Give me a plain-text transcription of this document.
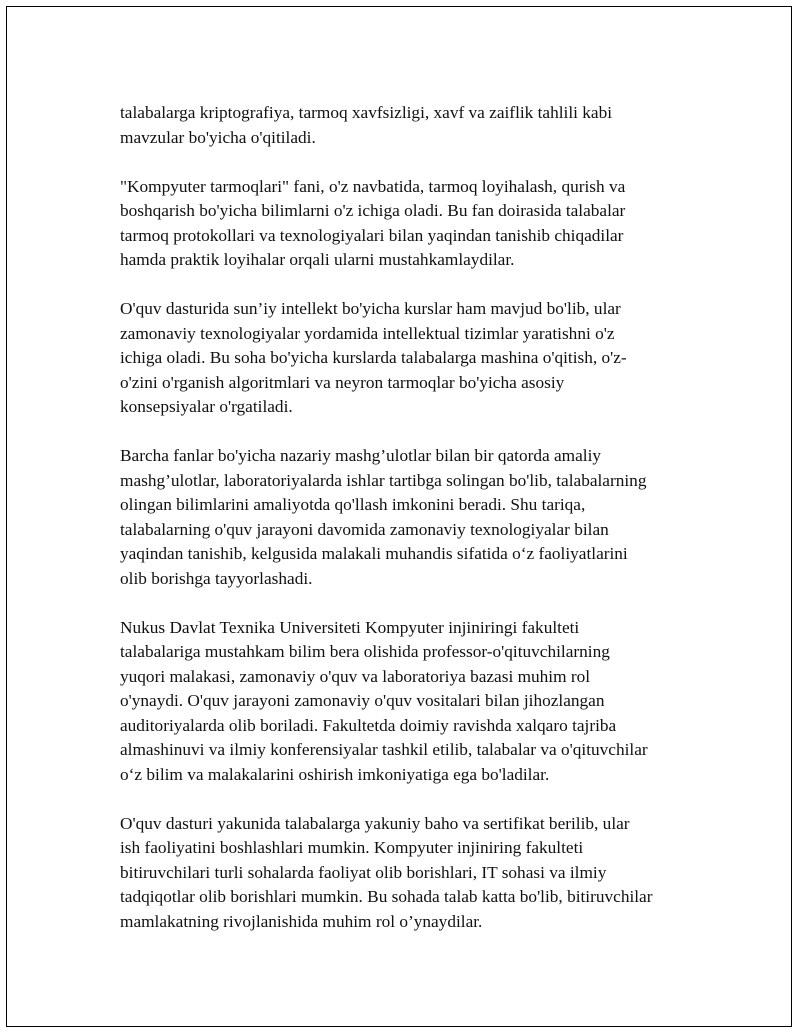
talabalarga kriptografiya, tarmoq xavfsizligi, xavf va zaiflik tahlili kabi
mavzular bo'yicha o'qitiladi.

"Kompyuter tarmoqlari" fani, o'z navbatida, tarmoq loyihalash, qurish va
boshqarish bo'yicha bilimlarni o'z ichiga oladi. Bu fan doirasida talabalar
tarmoq protokollari va texnologiyalari bilan yaqindan tanishib chiqadilar
hamda praktik loyihalar orqali ularni mustahkamlaydilar.

O'quv dasturida sun’iy intellekt bo'yicha kurslar ham mavjud bo'lib, ular
zamonaviy texnologiyalar yordamida intellektual tizimlar yaratishni o'z
ichiga oladi. Bu soha bo'yicha kurslarda talabalarga mashina o'qitish, o'z-
o'zini o'rganish algoritmlari va neyron tarmoqlar bo'yicha asosiy
konsepsiyalar o'rgatiladi.

Barcha fanlar bo'yicha nazariy mashg’ulotlar bilan bir qatorda amaliy
mashg’ulotlar, laboratoriyalarda ishlar tartibga solingan bo'lib, talabalarning
olingan bilimlarini amaliyotda qo'llash imkonini beradi. Shu tariqa,
talabalarning o'quv jarayoni davomida zamonaviy texnologiyalar bilan
yaqindan tanishib, kelgusida malakali muhandis sifatida o‘z faoliyatlarini
olib borishga tayyorlashadi.

Nukus Davlat Texnika Universiteti Kompyuter injiniringi fakulteti
talabalariga mustahkam bilim bera olishida professor-o'qituvchilarning
yuqori malakasi, zamonaviy o'quv va laboratoriya bazasi muhim rol
o'ynaydi. O'quv jarayoni zamonaviy o'quv vositalari bilan jihozlangan
auditoriyalarda olib boriladi. Fakultetda doimiy ravishda xalqaro tajriba
almashinuvi va ilmiy konferensiyalar tashkil etilib, talabalar va o'qituvchilar
o‘z bilim va malakalarini oshirish imkoniyatiga ega bo'ladilar.

O'quv dasturi yakunida talabalarga yakuniy baho va sertifikat berilib, ular
ish faoliyatini boshlashlari mumkin. Kompyuter injiniring fakulteti
bitiruvchilari turli sohalarda faoliyat olib borishlari, IT sohasi va ilmiy
tadqiqotlar olib borishlari mumkin. Bu sohada talab katta bo'lib, bitiruvchilar
mamlakatning rivojlanishida muhim rol o’ynaydilar.
